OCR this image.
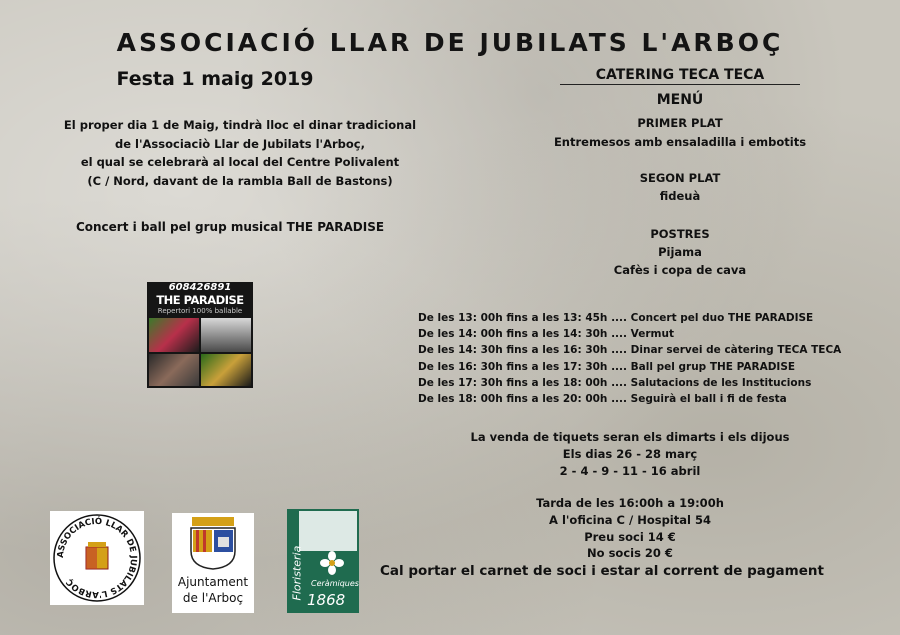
ASSOCIACIÓ LLAR DE JUBILATS L'ARBOÇ
Festa 1 maig 2019
El proper dia 1 de Maig, tindrà lloc el dinar tradicional
de l'Associaciò Llar de Jubilats l'Arboç,
el qual se celebrarà al local del Centre Polivalent
(C / Nord, davant de la rambla Ball de Bastons)
Concert i ball pel grup musical THE PARADISE
608426891
THE PARADISE
Repertori 100% ballable
CATERING TECA TECA
MENÚ
PRIMER PLAT
Entremesos amb ensaladilla i embotits
SEGON PLAT
fideuà
POSTRES
Pijama
Cafès i copa de cava
De les 13: 00h fins a les 13: 45h .... Concert pel duo THE PARADISE
De les 14: 00h fins a les 14: 30h .... Vermut
De les 14: 30h fins a les 16: 30h .... Dinar servei de càtering TECA TECA
De les 16: 30h fins a les 17: 30h .... Ball pel grup THE PARADISE
De les 17: 30h fins a les 18: 00h .... Salutacions de les Institucions
De les 18: 00h fins a les 20: 00h .... Seguirà el ball i fi de festa
La venda de tiquets seran els dimarts i els dijous
Els dias 26 - 28 març
2 - 4 - 9 - 11 - 16 abril
Tarda de les 16:00h a 19:00h
A l'oficina C / Hospital 54
Preu soci 14 €
No socis 20 €
Cal portar el carnet de soci i estar al corrent de pagament
ASSOCIACIÓ LLAR DE JUBILATS L'ARBOÇ	Ajuntament
de l'Arboç	Floristeria Ceràmiques
1868
